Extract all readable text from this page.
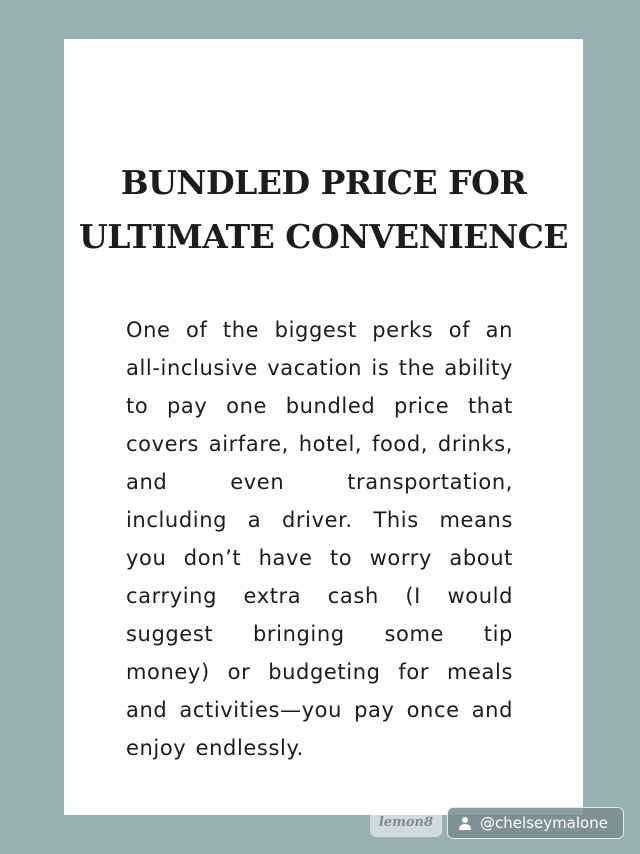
BUNDLED PRICE FOR
ULTIMATE CONVENIENCE

One of the biggest perks of an all-inclusive vacation is the ability to pay one bundled price that covers airfare, hotel, food, drinks, and even transportation, including a driver. This means you don’t have to worry about carrying extra cash (I would suggest bringing some tip money) or budgeting for meals and activities—you pay once and enjoy endlessly.

lemon8	@chelseymalone
